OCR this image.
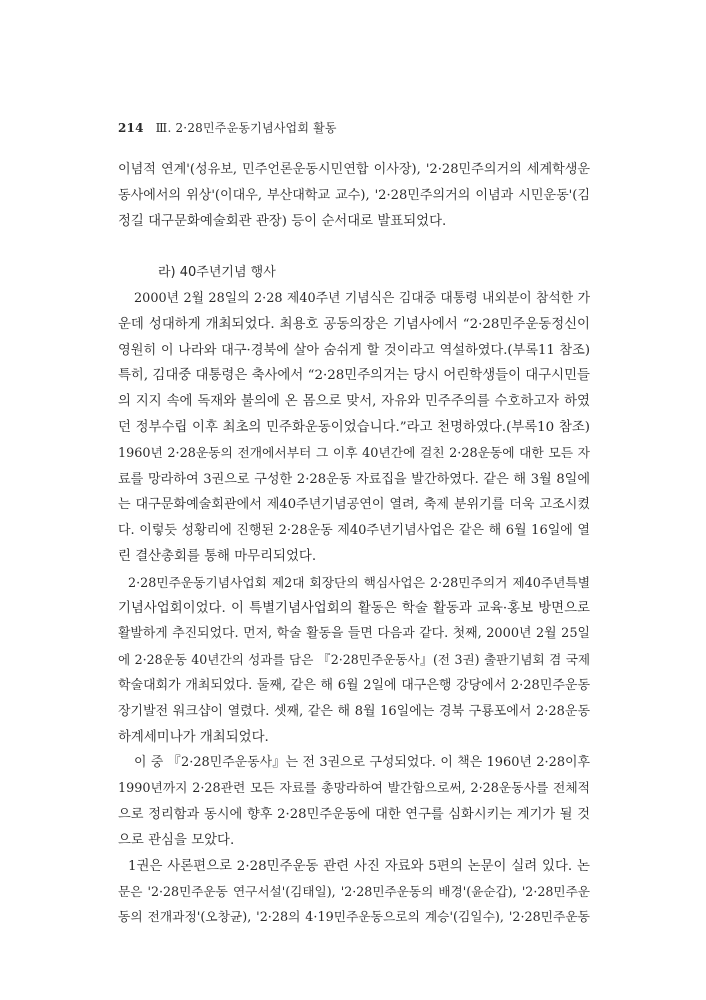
214 Ⅲ. 2·28민주운동기념사업회 활동

이념적 연계'(성유보, 민주언론운동시민연합 이사장), '2·28민주의거의 세계학생운
동사에서의 위상'(이대우, 부산대학교 교수), '2·28민주의거의 이념과 시민운동'(김
정길 대구문화예술회관 관장) 등이 순서대로 발표되었다.

라) 40주년기념 행사

2000년 2월 28일의 2·28 제40주년 기념식은 김대중 대통령 내외분이 참석한 가
운데 성대하게 개최되었다. 최용호 공동의장은 기념사에서 “2·28민주운동정신이
영원히 이 나라와 대구·경북에 살아 숨쉬게 할 것이라고 역설하였다.(부록11 참조)
특히, 김대중 대통령은 축사에서 “2·28민주의거는 당시 어린학생들이 대구시민들
의 지지 속에 독재와 불의에 온 몸으로 맞서, 자유와 민주주의를 수호하고자 하였
던 정부수립 이후 최초의 민주화운동이었습니다.”라고 천명하였다.(부록10 참조)
1960년 2·28운동의 전개에서부터 그 이후 40년간에 걸친 2·28운동에 대한 모든 자
료를 망라하여 3권으로 구성한 2·28운동 자료집을 발간하였다. 같은 해 3월 8일에
는 대구문화예술회관에서 제40주년기념공연이 열려, 축제 분위기를 더욱 고조시켰
다. 이렇듯 성황리에 진행된 2·28운동 제40주년기념사업은 같은 해 6월 16일에 열
린 결산총회를 통해 마무리되었다.

2·28민주운동기념사업회 제2대 회장단의 핵심사업은 2·28민주의거 제40주년특별
기념사업회이었다. 이 특별기념사업회의 활동은 학술 활동과 교육·홍보 방면으로
활발하게 추진되었다. 먼저, 학술 활동을 들면 다음과 같다. 첫째, 2000년 2월 25일
에 2·28운동 40년간의 성과를 담은 『2·28민주운동사』(전 3권) 출판기념회 겸 국제
학술대회가 개최되었다. 둘째, 같은 해 6월 2일에 대구은행 강당에서 2·28민주운동
장기발전 워크샵이 열렸다. 셋째, 같은 해 8월 16일에는 경북 구룡포에서 2·28운동
하계세미나가 개최되었다.

이 중 『2·28민주운동사』는 전 3권으로 구성되었다. 이 책은 1960년 2·28이후
1990년까지 2·28관련 모든 자료를 총망라하여 발간함으로써, 2·28운동사를 전체적
으로 정리함과 동시에 향후 2·28민주운동에 대한 연구를 심화시키는 계기가 될 것
으로 관심을 모았다.

1권은 사론편으로 2·28민주운동 관련 사진 자료와 5편의 논문이 실려 있다. 논
문은 '2·28민주운동 연구서설'(김태일), '2·28민주운동의 배경'(윤순갑), '2·28민주운
동의 전개과정'(오창균), '2·28의 4·19민주운동으로의 계승'(김일수), '2·28민주운동
